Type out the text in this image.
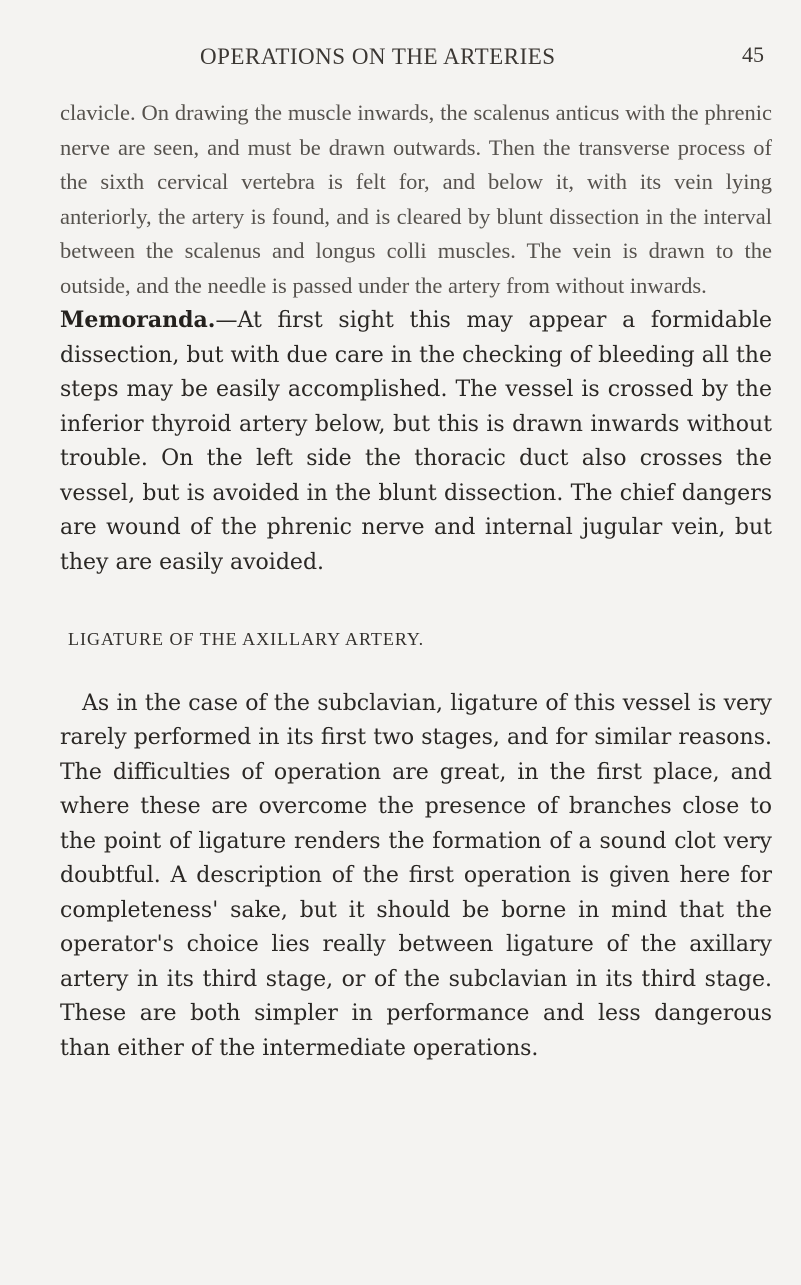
OPERATIONS ON THE ARTERIES	45

clavicle. On drawing the muscle inwards, the scalenus anticus with the phrenic nerve are seen, and must be drawn outwards. Then the transverse process of the sixth cervical vertebra is felt for, and below it, with its vein lying anteriorly, the artery is found, and is cleared by blunt dissection in the interval between the scalenus and longus colli muscles. The vein is drawn to the outside, and the needle is passed under the artery from without inwards.

Memoranda.—At first sight this may appear a formidable dissection, but with due care in the checking of bleeding all the steps may be easily accomplished. The vessel is crossed by the inferior thyroid artery below, but this is drawn inwards without trouble. On the left side the thoracic duct also crosses the vessel, but is avoided in the blunt dissection. The chief dangers are wound of the phrenic nerve and internal jugular vein, but they are easily avoided.

LIGATURE OF THE AXILLARY ARTERY.

As in the case of the subclavian, ligature of this vessel is very rarely performed in its first two stages, and for similar reasons. The difficulties of operation are great, in the first place, and where these are overcome the presence of branches close to the point of ligature renders the formation of a sound clot very doubtful. A description of the first operation is given here for completeness' sake, but it should be borne in mind that the operator's choice lies really between ligature of the axillary artery in its third stage, or of the subclavian in its third stage. These are both simpler in performance and less dangerous than either of the intermediate operations.
